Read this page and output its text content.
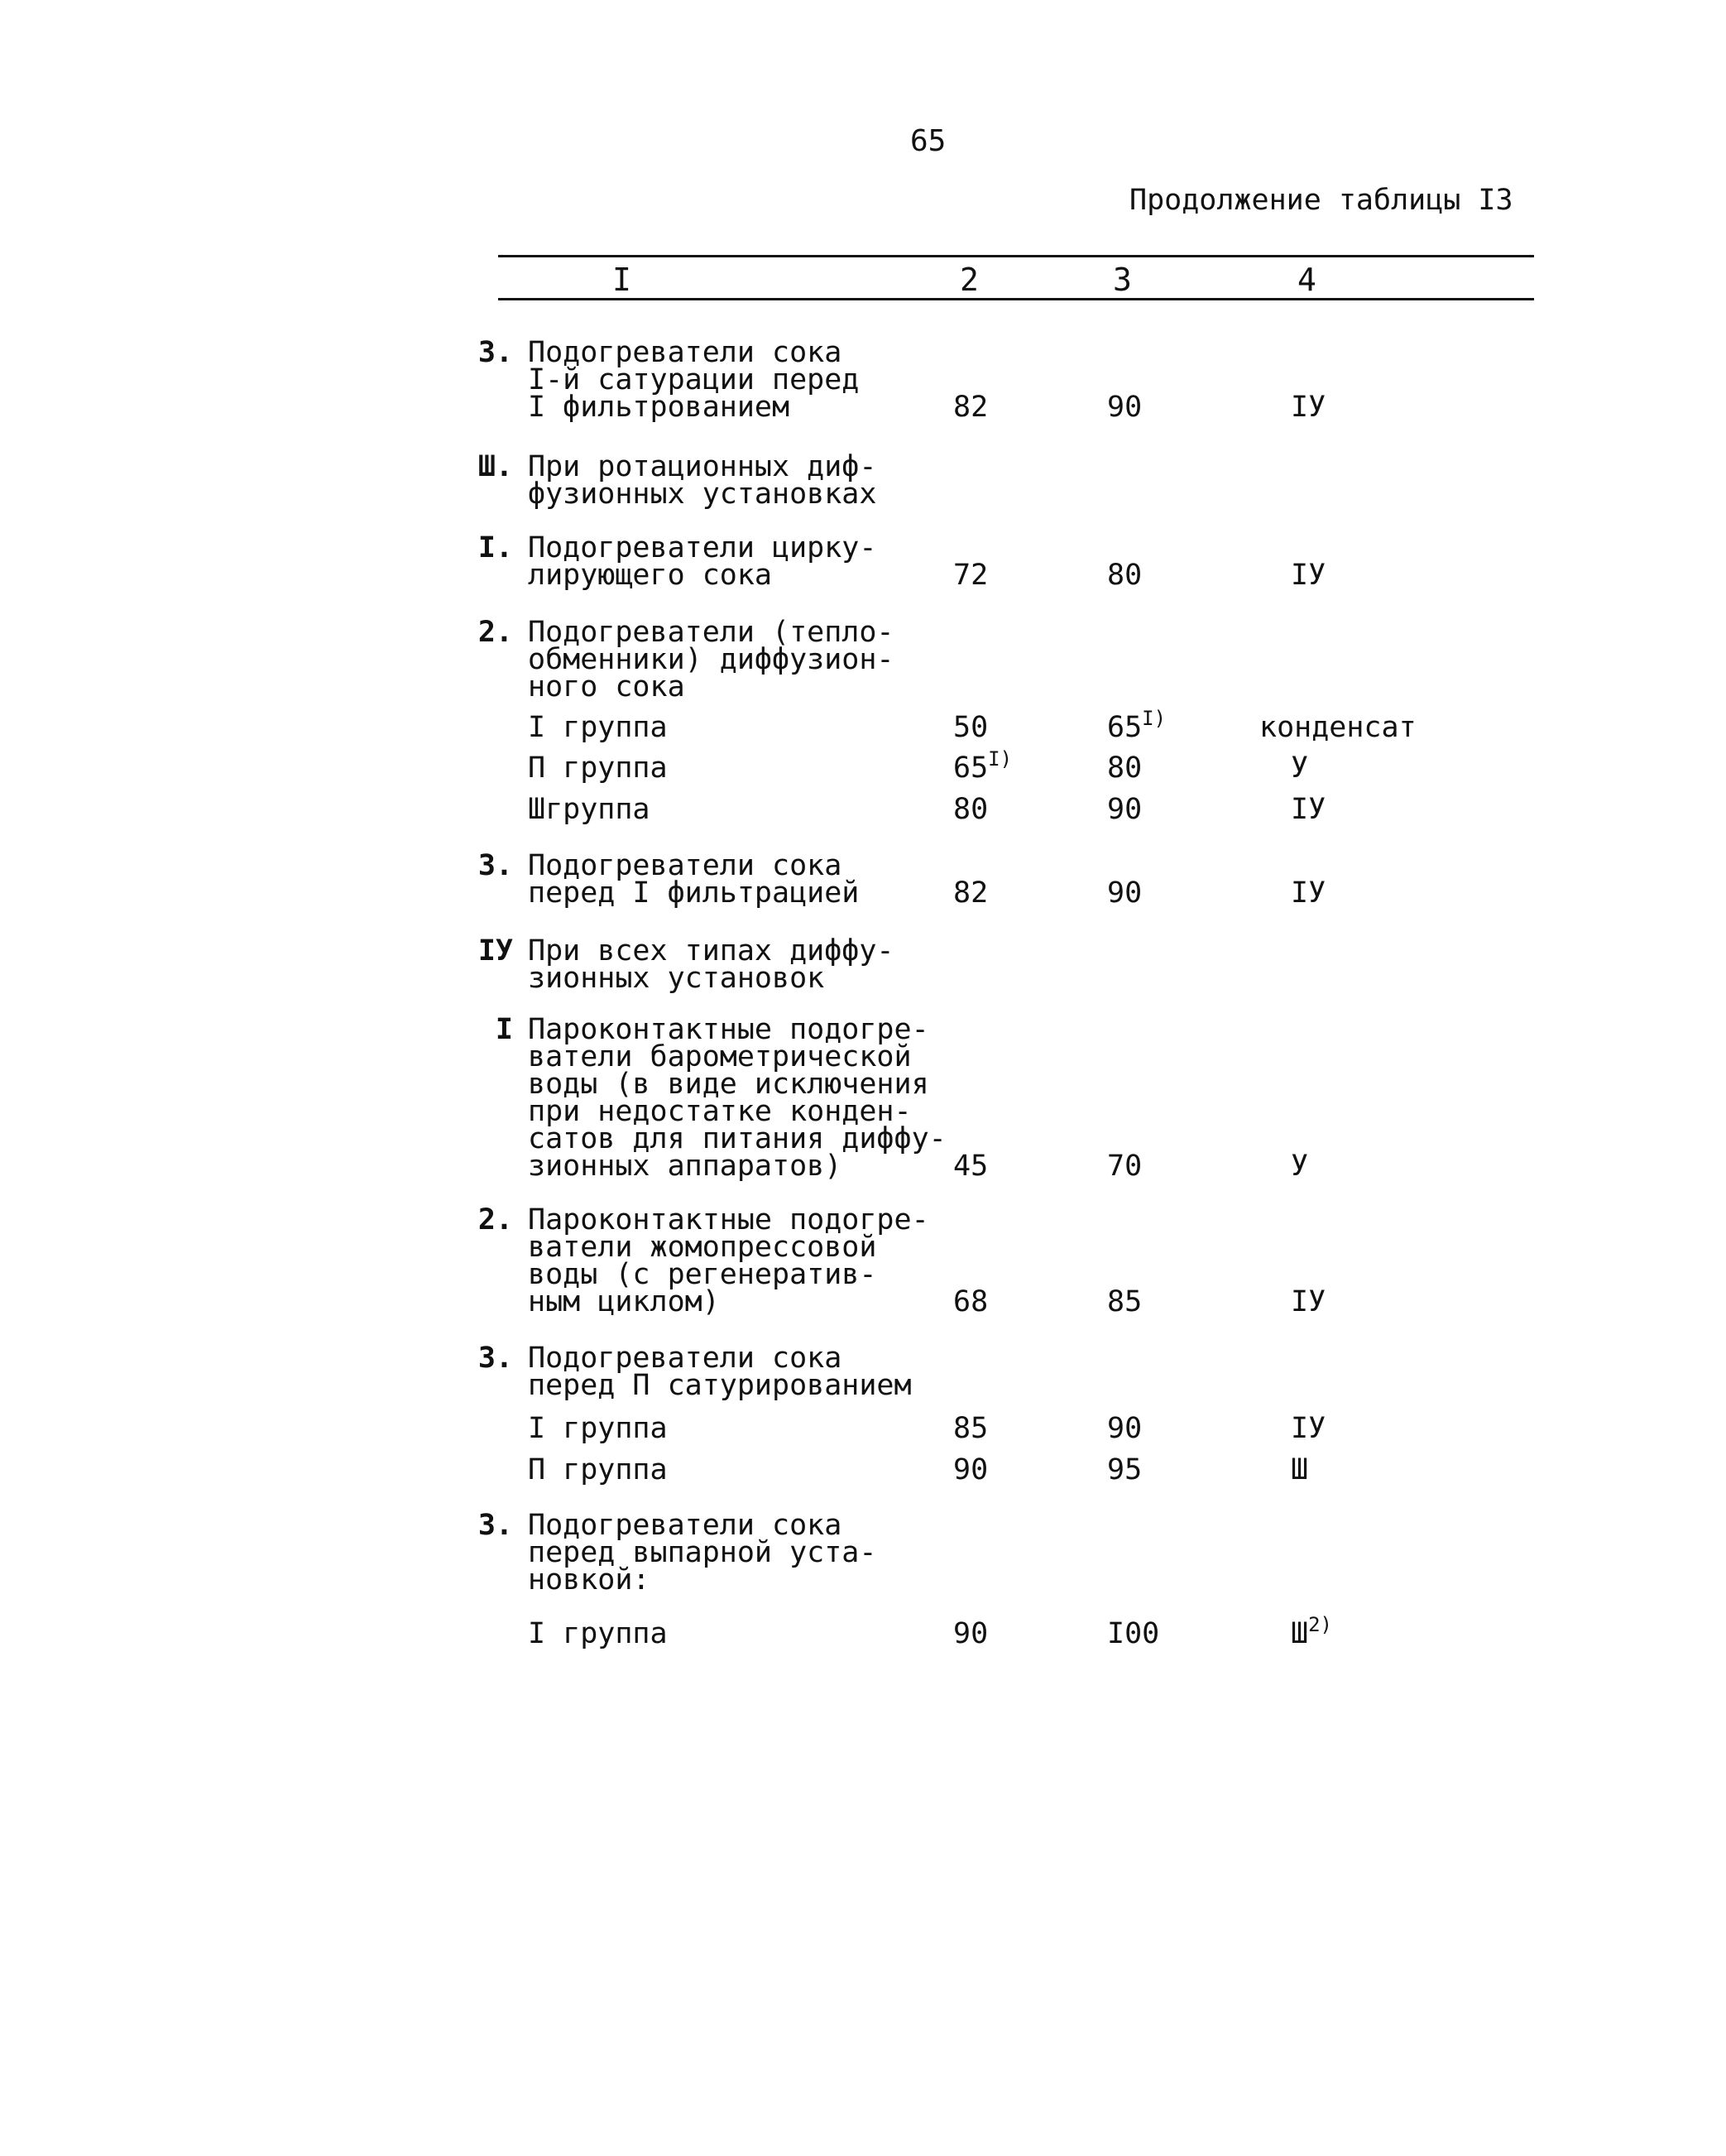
65
Продолжение таблицы I3
I	2	3	4
3. Подогреватели сока
I-й сатурации перед
I фильтрованием	82	90	IУ
Ш. При ротационных диф-
фузионных установках
I. Подогреватели цирку-
лирующего сока	72	80	IУ
2. Подогреватели (тепло-
обменники) диффузион-
ного сока
I группа	50	$65^{I)}$	конденсат
П группа	$65^{I)}$	80	У
Шгруппа	80	90	IУ
3. Подогреватели сока
перед I фильтрацией	82	90	IУ
IУ При всех типах диффу-
зионных установок
I Пароконтактные подогре-
ватели барометрической
воды (в виде исключения
при недостатке конден-
сатов для питания диффу-
зионных аппаратов)	45	70	У
2. Пароконтактные подогре-
ватели жомопрессовой
воды (с регенератив-
ным циклом)	68	85	IУ
3. Подогреватели сока
перед П сатурированием
I группа	85	90	IУ
П группа	90	95	Ш
3. Подогреватели сока
перед выпарной уста-
новкой:
I группа	90	I00	$Ш^{2)}$
